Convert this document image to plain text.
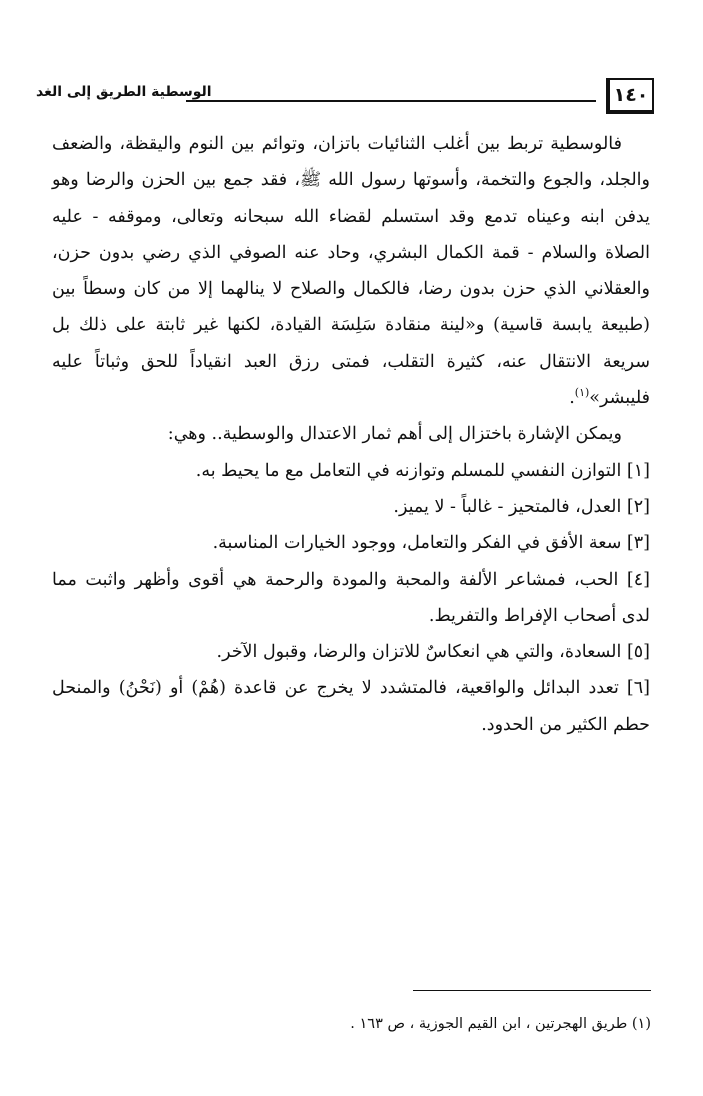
١٤٠
الوسطية الطريق إلى الغد

فالوسطية تربط بين أغلب الثنائيات باتزان، وتوائم بين النوم واليقظة، والضعف والجلد، والجوع والتخمة، وأسوتها رسول الله ﷺ، فقد جمع بين الحزن والرضا وهو يدفن ابنه وعيناه تدمع وقد استسلم لقضاء الله سبحانه وتعالى، وموقفه - عليه الصلاة والسلام - قمة الكمال البشري، وحاد عنه الصوفي الذي رضي بدون حزن، والعقلاني الذي حزن بدون رضا، فالكمال والصلاح لا ينالهما إلا من كان وسطاً بين (طبيعة يابسة قاسية) و«لينة منقادة سَلِسَة القيادة، لكنها غير ثابتة على ذلك بل سريعة الانتقال عنه، كثيرة التقلب، فمتى رزق العبد انقياداً للحق وثباتاً عليه فليبشر»$^{(١)}$.

ويمكن الإشارة باختزال إلى أهم ثمار الاعتدال والوسطية.. وهي:

[١] التوازن النفسي للمسلم وتوازنه في التعامل مع ما يحيط به.

[٢] العدل، فالمتحيز - غالباً - لا يميز.

[٣] سعة الأفق في الفكر والتعامل، ووجود الخيارات المناسبة.

[٤] الحب، فمشاعر الألفة والمحبة والمودة والرحمة هي أقوى وأظهر واثبت مما لدى أصحاب الإفراط والتفريط.

[٥] السعادة، والتي هي انعكاسٌ للاتزان والرضا، وقبول الآخر.

[٦] تعدد البدائل والواقعية، فالمتشدد لا يخرج عن قاعدة (هُمْ) أو (نَحْنُ) والمنحل حطم الكثير من الحدود.

(١) طريق الهجرتين ، ابن القيم الجوزية ، ص ١٦٣ .
